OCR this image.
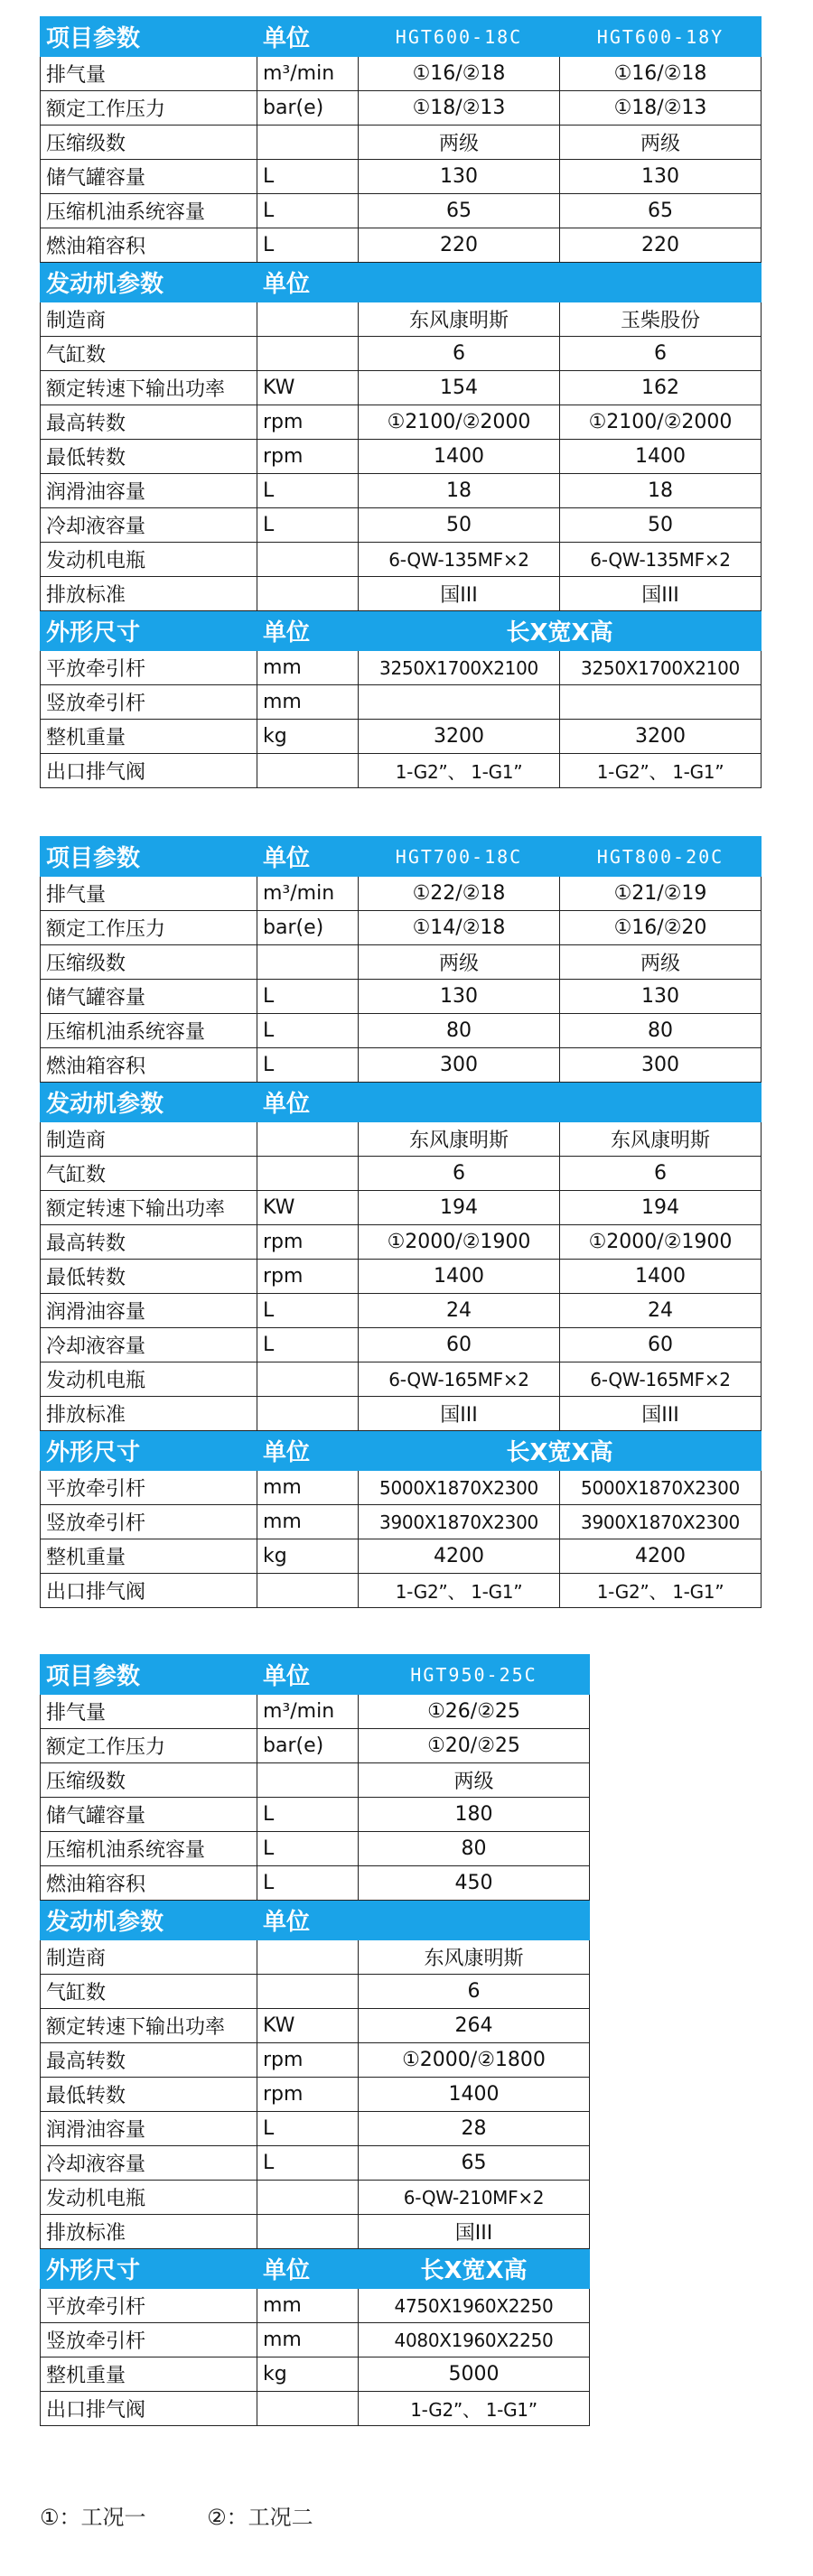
项目参数	单位	HGT600-18C	HGT600-18Y
排气量	m³/min	①16/②18	①16/②18
额定工作压力	bar(e)	①18/②13	①18/②13
压缩级数		两级	两级
储气罐容量	L	130	130
压缩机油系统容量	L	65	65
燃油箱容积	L	220	220
发动机参数	单位		
制造商		东风康明斯	玉柴股份
气缸数		6	6
额定转速下输出功率	KW	154	162
最高转数	rpm	①2100/②2000	①2100/②2000
最低转数	rpm	1400	1400
润滑油容量	L	18	18
冷却液容量	L	50	50
发动机电瓶		6-QW-135MF×2	6-QW-135MF×2
排放标准		国III	国III
外形尺寸	单位	长X宽X高	
平放牵引杆	mm	3250X1700X2100	3250X1700X2100
竖放牵引杆	mm		
整机重量	kg	3200	3200
出口排气阀		1-G2”、 1-G1”	1-G2”、 1-G1”
项目参数	单位	HGT700-18C	HGT800-20C
排气量	m³/min	①22/②18	①21/②19
额定工作压力	bar(e)	①14/②18	①16/②20
压缩级数		两级	两级
储气罐容量	L	130	130
压缩机油系统容量	L	80	80
燃油箱容积	L	300	300
发动机参数	单位		
制造商		东风康明斯	东风康明斯
气缸数		6	6
额定转速下输出功率	KW	194	194
最高转数	rpm	①2000/②1900	①2000/②1900
最低转数	rpm	1400	1400
润滑油容量	L	24	24
冷却液容量	L	60	60
发动机电瓶		6-QW-165MF×2	6-QW-165MF×2
排放标准		国III	国III
外形尺寸	单位	长X宽X高	
平放牵引杆	mm	5000X1870X2300	5000X1870X2300
竖放牵引杆	mm	3900X1870X2300	3900X1870X2300
整机重量	kg	4200	4200
出口排气阀		1-G2”、 1-G1”	1-G2”、 1-G1”
项目参数	单位	HGT950-25C
排气量	m³/min	①26/②25
额定工作压力	bar(e)	①20/②25
压缩级数		两级
储气罐容量	L	180
压缩机油系统容量	L	80
燃油箱容积	L	450
发动机参数	单位	
制造商		东风康明斯
气缸数		6
额定转速下输出功率	KW	264
最高转数	rpm	①2000/②1800
最低转数	rpm	1400
润滑油容量	L	28
冷却液容量	L	65
发动机电瓶		6-QW-210MF×2
排放标准		国III
外形尺寸	单位	长X宽X高
平放牵引杆	mm	4750X1960X2250
竖放牵引杆	mm	4080X1960X2250
整机重量	kg	5000
出口排气阀		1-G2”、 1-G1”
①：工况一	②：工况二
